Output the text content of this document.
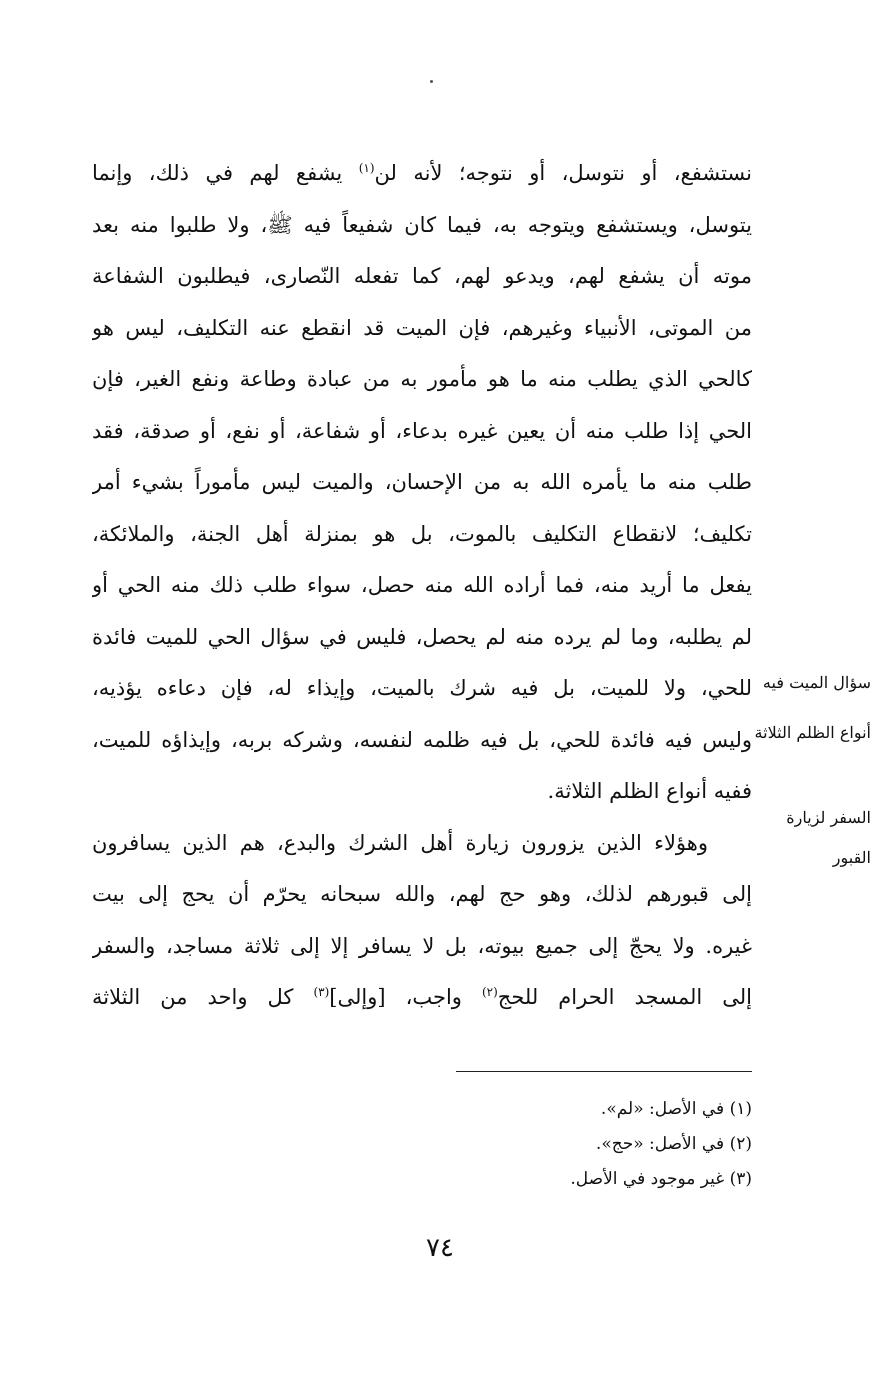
نستشفع، أو نتوسل، أو نتوجه؛ لأنه لن$^{(١)}$ يشفع لهم في ذلك، وإنما
يتوسل، ويستشفع ويتوجه به، فيما كان شفيعاً فيه ﷺ، ولا طلبوا منه بعد
موته أن يشفع لهم، ويدعو لهم، كما تفعله النّصارى، فيطلبون الشفاعة
من الموتى، الأنبياء وغيرهم، فإن الميت قد انقطع عنه التكليف، ليس هو
كالحي الذي يطلب منه ما هو مأمور به من عبادة وطاعة ونفع الغير، فإن
الحي إذا طلب منه أن يعين غيره بدعاء، أو شفاعة، أو نفع، أو صدقة، فقد
طلب منه ما يأمره الله به من الإحسان، والميت ليس مأموراً بشيء أمر
تكليف؛ لانقطاع التكليف بالموت، بل هو بمنزلة أهل الجنة، والملائكة،
يفعل ما أريد منه، فما أراده الله منه حصل، سواء طلب ذلك منه الحي أو
لم يطلبه، وما لم يرده منه لم يحصل، فليس في سؤال الحي للميت فائدة
للحي، ولا للميت، بل فيه شرك بالميت، وإيذاء له، فإن دعاءه يؤذيه،
وليس فيه فائدة للحي، بل فيه ظلمه لنفسه، وشركه بربه، وإيذاؤه للميت،
ففيه أنواع الظلم الثلاثة.
وهؤلاء الذين يزورون زيارة أهل الشرك والبدع، هم الذين يسافرون
إلى قبورهم لذلك، وهو حج لهم، والله سبحانه يحرّم أن يحج إلى بيت
غيره. ولا يحجّ إلى جميع بيوته، بل لا يسافر إلا إلى ثلاثة مساجد، والسفر
إلى المسجد الحرام للحج$^{(٢)}$ واجب، [وإلى]$^{(٣)}$ كل واحد من الثلاثة
سؤال الميت فيه
أنواع الظلم الثلاثة
السفر لزيارة
القبور
(١) في الأصل: «لم».
(٢) في الأصل: «حج».
(٣) غير موجود في الأصل.
٧٤
